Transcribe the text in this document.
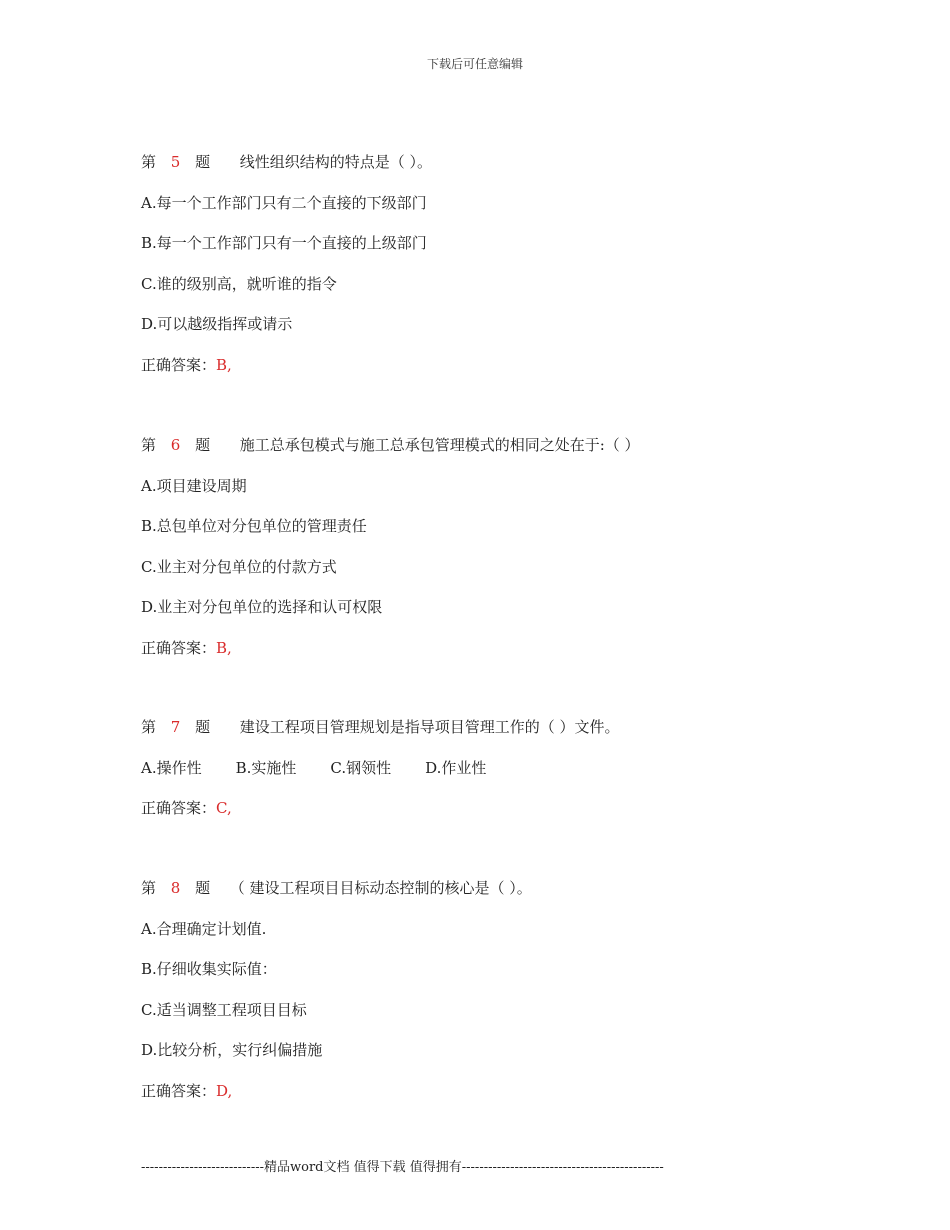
下载后可任意编辑
第 5 题 线性组织结构的特点是（ ）。
A.每一个工作部门只有二个直接的下级部门
B.每一个工作部门只有一个直接的上级部门
C.谁的级别高，就听谁的指令
D.可以越级指挥或请示
正确答案：B,
第 6 题 施工总承包模式与施工总承包管理模式的相同之处在于:（ ）
A.项目建设周期
B.总包单位对分包单位的管理责任
C.业主对分包单位的付款方式
D.业主对分包单位的选择和认可权限
正确答案：B,
第 7 题 建设工程项目管理规划是指导项目管理工作的（ ）文件。
A.操作性 B.实施性 C.钢领性 D.作业性
正确答案：C,
第 8 题 （ 建设工程项目目标动态控制的核心是（ ）。
A.合理确定计划值.
B.仔细收集实际值：
C.适当调整工程项目目标
D.比较分析，实行纠偏措施
正确答案：D,
----------------------------精品word文档 值得下载 值得拥有----------------------------------------------
